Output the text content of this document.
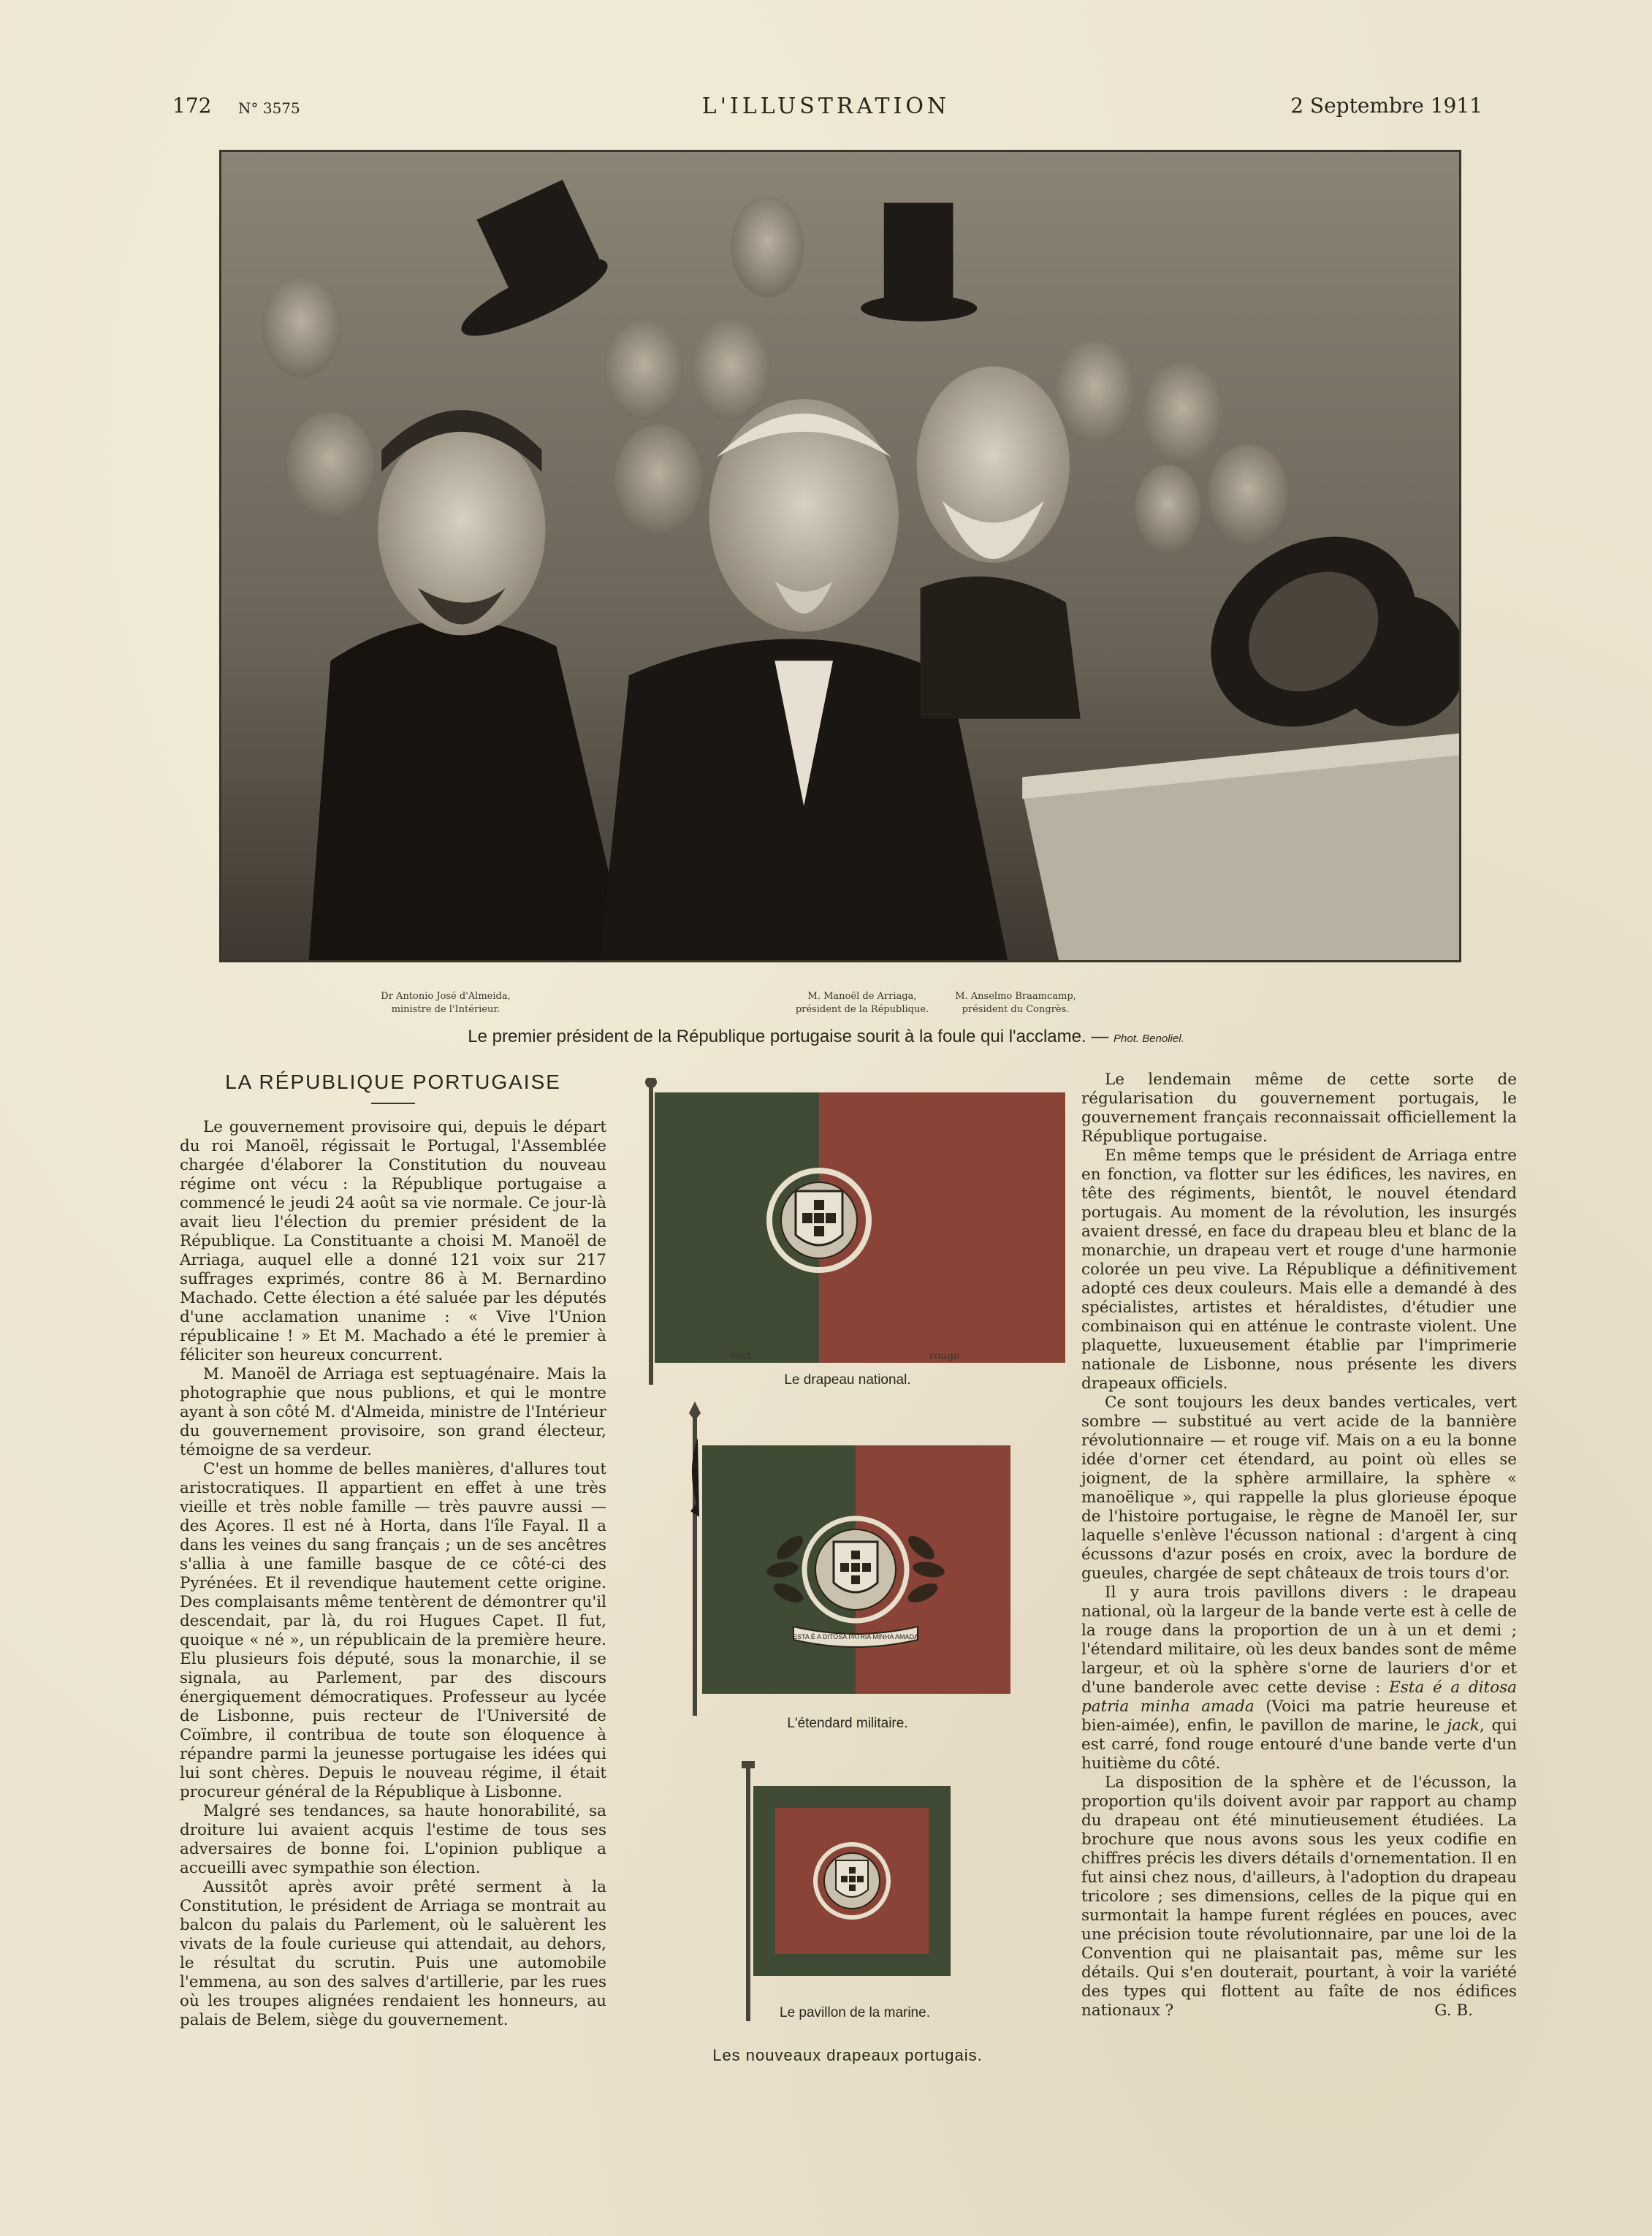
172 N° 3575	L'ILLUSTRATION	2 Septembre 1911
Dr Antonio José d'Almeida,
ministre de l'Intérieur.
M. Manoël de Arriaga,
président de la République.
M. Anselmo Braamcamp,
président du Congrès.
Le premier président de la République portugaise sourit à la foule qui l'acclame. — Phot. Benoliel.
LA RÉPUBLIQUE PORTUGAISE

Le gouvernement provisoire qui, depuis le départ du roi Manoël, régissait le Portugal, l'Assemblée chargée d'élaborer la Constitution du nouveau régime ont vécu : la République portugaise a commencé le jeudi 24 août sa vie normale. Ce jour-là avait lieu l'élection du premier président de la République. La Constituante a choisi M. Manoël de Arriaga, auquel elle a donné 121 voix sur 217 suffrages exprimés, contre 86 à M. Bernardino Machado. Cette élection a été saluée par les députés d'une acclamation unanime : « Vive l'Union républicaine ! » Et M. Machado a été le premier à féliciter son heureux concurrent.

M. Manoël de Arriaga est septuagénaire. Mais la photographie que nous publions, et qui le montre ayant à son côté M. d'Almeida, ministre de l'Intérieur du gouvernement provisoire, son grand électeur, témoigne de sa verdeur.

C'est un homme de belles manières, d'allures tout aristocratiques. Il appartient en effet à une très vieille et très noble famille — très pauvre aussi — des Açores. Il est né à Horta, dans l'île Fayal. Il a dans les veines du sang français ; un de ses ancêtres s'allia à une famille basque de ce côté-ci des Pyrénées. Et il revendique hautement cette origine. Des complaisants même tentèrent de démontrer qu'il descendait, par là, du roi Hugues Capet. Il fut, quoique « né », un républicain de la première heure. Elu plusieurs fois député, sous la monarchie, il se signala, au Parlement, par des discours énergiquement démocratiques. Professeur au lycée de Lisbonne, puis recteur de l'Université de Coïmbre, il contribua de toute son éloquence à répandre parmi la jeunesse portugaise les idées qui lui sont chères. Depuis le nouveau régime, il était procureur général de la République à Lisbonne.

Malgré ses tendances, sa haute honorabilité, sa droiture lui avaient acquis l'estime de tous ses adversaires de bonne foi. L'opinion publique a accueilli avec sympathie son élection.

Aussitôt après avoir prêté serment à la Constitution, le président de Arriaga se montrait au balcon du palais du Parlement, où le saluèrent les vivats de la foule curieuse qui attendait, au dehors, le résultat du scrutin. Puis une automobile l'emmena, au son des salves d'artillerie, par les rues où les troupes alignées rendaient les honneurs, au palais de Belem, siège du gouvernement.

vert	rouge
Le drapeau national.
ESTA É A DITOSA PATRIA MINHA AMADA
L'étendard militaire.
Le pavillon de la marine.
Les nouveaux drapeaux portugais.

Le lendemain même de cette sorte de régularisation du gouvernement portugais, le gouvernement français reconnaissait officiellement la République portugaise.

En même temps que le président de Arriaga entre en fonction, va flotter sur les édifices, les navires, en tête des régiments, bientôt, le nouvel étendard portugais. Au moment de la révolution, les insurgés avaient dressé, en face du drapeau bleu et blanc de la monarchie, un drapeau vert et rouge d'une harmonie colorée un peu vive. La République a définitivement adopté ces deux couleurs. Mais elle a demandé à des spécialistes, artistes et héraldistes, d'étudier une combinaison qui en atténue le contraste violent. Une plaquette, luxueusement établie par l'imprimerie nationale de Lisbonne, nous présente les divers drapeaux officiels.

Ce sont toujours les deux bandes verticales, vert sombre — substitué au vert acide de la bannière révolutionnaire — et rouge vif. Mais on a eu la bonne idée d'orner cet étendard, au point où elles se joignent, de la sphère armillaire, la sphère « manoëlique », qui rappelle la plus glorieuse époque de l'histoire portugaise, le règne de Manoël Ier, sur laquelle s'enlève l'écusson national : d'argent à cinq écussons d'azur posés en croix, avec la bordure de gueules, chargée de sept châteaux de trois tours d'or.

Il y aura trois pavillons divers : le drapeau national, où la largeur de la bande verte est à celle de la rouge dans la proportion de un à un et demi ; l'étendard militaire, où les deux bandes sont de même largeur, et où la sphère s'orne de lauriers d'or et d'une banderole avec cette devise : Esta é a ditosa patria minha amada (Voici ma patrie heureuse et bien-aimée), enfin, le pavillon de marine, le jack, qui est carré, fond rouge entouré d'une bande verte d'un huitième du côté.

La disposition de la sphère et de l'écusson, la proportion qu'ils doivent avoir par rapport au champ du drapeau ont été minutieusement étudiées. La brochure que nous avons sous les yeux codifie en chiffres précis les divers détails d'ornementation. Il en fut ainsi chez nous, d'ailleurs, à l'adoption du drapeau tricolore ; ses dimensions, celles de la pique qui en surmontait la hampe furent réglées en pouces, avec une précision toute révolutionnaire, par une loi de la Convention qui ne plaisantait pas, même sur les détails. Qui s'en douterait, pourtant, à voir la variété des types qui flottent au faîte de nos édifices nationaux ?	G. B.
